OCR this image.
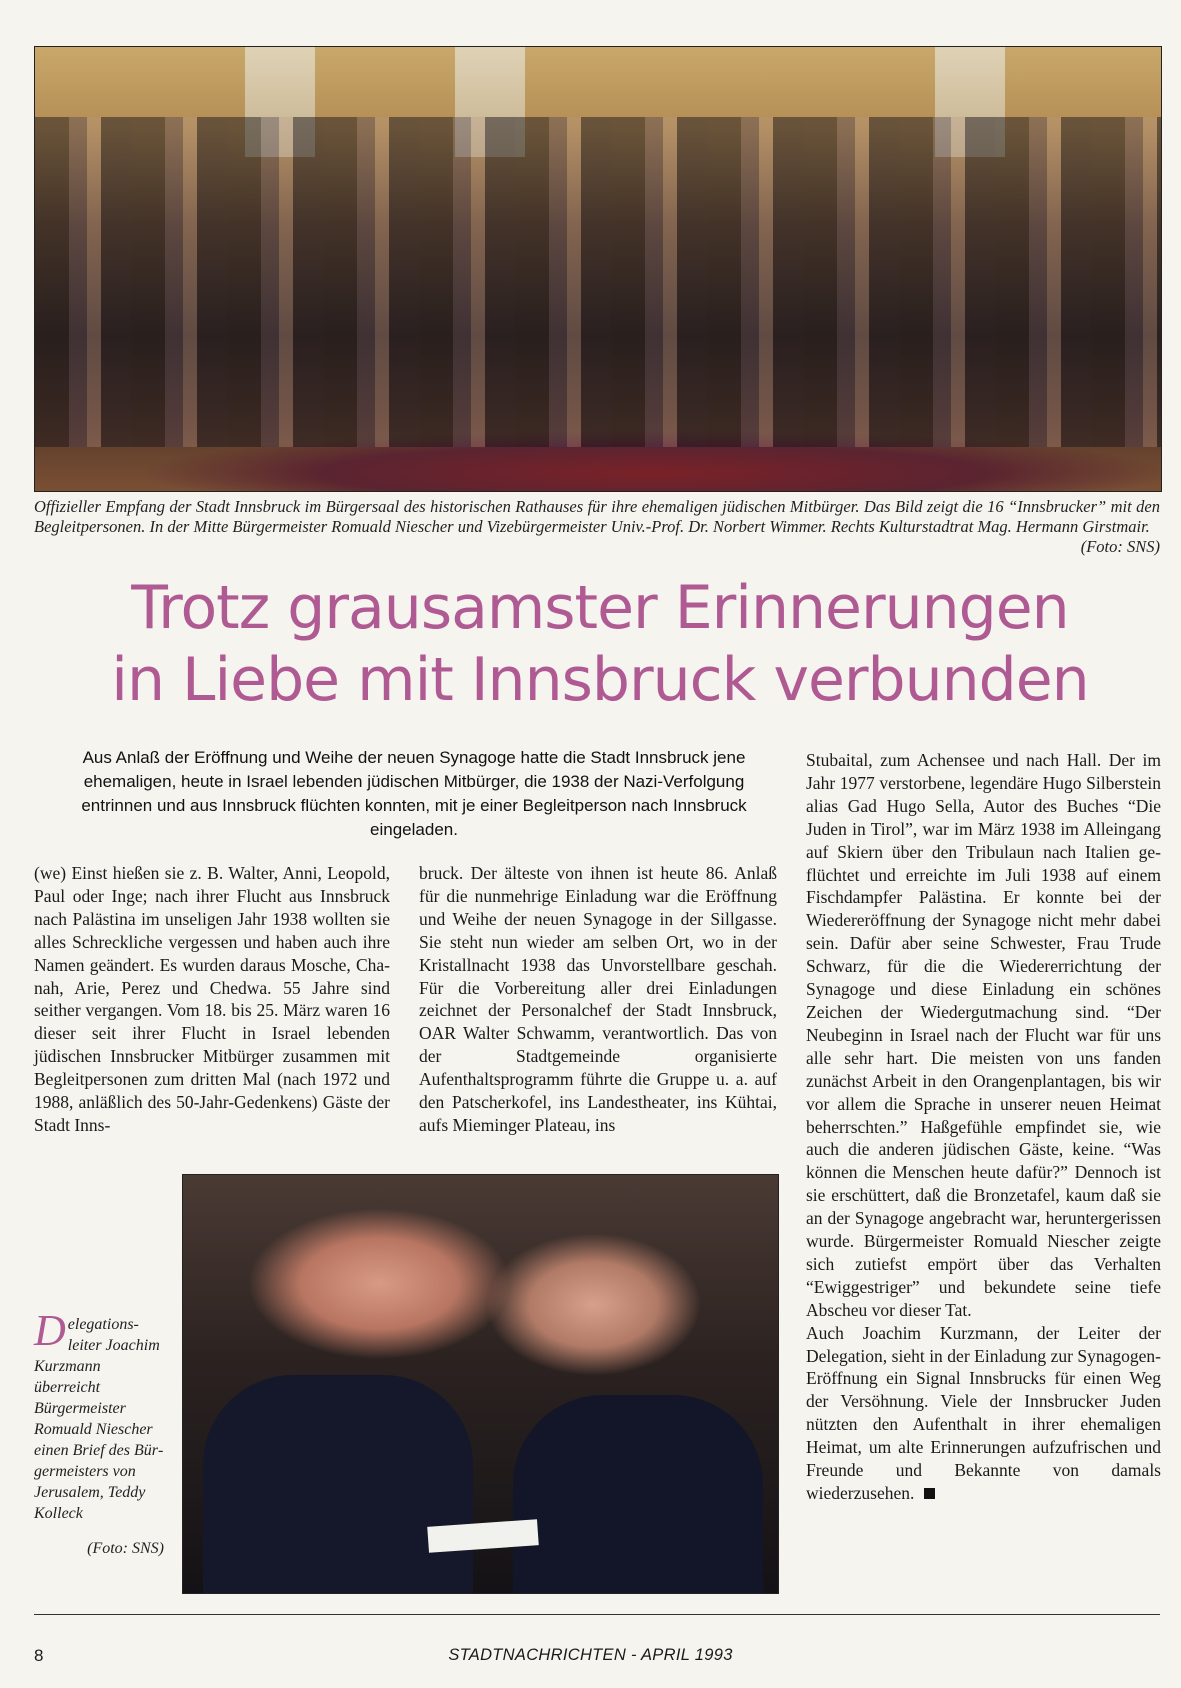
Offizieller Empfang der Stadt Innsbruck im Bürgersaal des historischen Rathauses für ihre ehemaligen jüdischen Mitbürger. Das Bild zeigt die 16 “Innsbrucker” mit den Begleitpersonen. In der Mitte Bürgermeister Romuald Niescher und Vizebürgermeister Univ.-Prof. Dr. Norbert Wimmer. Rechts Kulturstadtrat Mag. Hermann Girstmair.
(Foto: SNS)
Trotz grausamster Erinnerungen
in Liebe mit Innsbruck verbunden
Aus Anlaß der Eröffnung und Weihe der neuen Synagoge hatte die Stadt Innsbruck jene ehemaligen, heute in Israel lebenden jüdischen Mitbürger, die 1938 der Nazi-Verfolgung entrinnen und aus Innsbruck flüchten konnten, mit je einer Begleitperson nach Innsbruck eingeladen.
(we) Einst hießen sie z. B. Walter, Anni, Leopold, Paul oder Inge; nach ihrer Flucht aus Innsbruck nach Palästina im unseligen Jahr 1938 wollten sie alles Schreckliche vergessen und haben auch ihre Namen geändert. Es wurden daraus Mosche, Chanah, Arie, Perez und Chedwa. 55 Jahre sind seither vergangen. Vom 18. bis 25. März waren 16 dieser seit ihrer Flucht in Israel lebenden jüdischen Innsbrucker Mitbürger zusammen mit Begleitpersonen zum dritten Mal (nach 1972 und 1988, anläßlich des 50-Jahr-Gedenkens) Gäste der Stadt Inns-
bruck. Der älteste von ihnen ist heute 86. Anlaß für die nunmehrige Einladung war die Eröffnung und Weihe der neuen Synagoge in der Sillgasse. Sie steht nun wieder am selben Ort, wo in der Kristallnacht 1938 das Unvorstellbare geschah. Für die Vorbereitung aller drei Einladungen zeichnet der Personalchef der Stadt Innsbruck, OAR Walter Schwamm, verantwortlich. Das von der Stadtgemeinde organisierte Aufenthaltsprogramm führte die Gruppe u. a. auf den Patscherkofel, ins Landestheater, ins Kühtai, aufs Mieminger Plateau, ins
Stubaital, zum Achensee und nach Hall. Der im Jahr 1977 verstorbene, legendäre Hugo Silberstein alias Gad Hugo Sella, Autor des Buches “Die Juden in Tirol”, war im März 1938 im Alleingang auf Skiern über den Tribulaun nach Italien geflüchtet und erreichte im Juli 1938 auf einem Fischdampfer Palästina. Er konnte bei der Wiedereröffnung der Synagoge nicht mehr dabei sein. Dafür aber seine Schwester, Frau Trude Schwarz, für die die Wiedererrichtung der Synagoge und diese Einladung ein schönes Zeichen der Wiedergutmachung sind. “Der Neubeginn in Israel nach der Flucht war für uns alle sehr hart. Die meisten von uns fanden zunächst Arbeit in den Orangenplantagen, bis wir vor allem die Sprache in unserer neuen Heimat beherrschten.” Haßgefühle empfindet sie, wie auch die anderen jüdischen Gäste, keine. “Was können die Menschen heute dafür?” Dennoch ist sie erschüttert, daß die Bronzetafel, kaum daß sie an der Synagoge angebracht war, heruntergerissen wurde. Bürgermeister Romuald Niescher zeigte sich zutiefst empört über das Verhalten “Ewiggestriger” und bekundete seine tiefe Abscheu vor dieser Tat.
Auch Joachim Kurzmann, der Leiter der Delegation, sieht in der Einladung zur Synagogen-Eröffnung ein Signal Innsbrucks für einen Weg der Versöhnung. Viele der Innsbrucker Juden nützten den Aufenthalt in ihrer ehemaligen Heimat, um alte Erinnerungen aufzufrischen und Freunde und Bekannte von damals wiederzusehen.
Delegationsleiter Joachim Kurzmann überreicht Bürgermeister Romuald Niescher einen Brief des Bürgermeisters von Jerusalem, Teddy Kolleck
(Foto: SNS)
8	STADTNACHRICHTEN - APRIL 1993
